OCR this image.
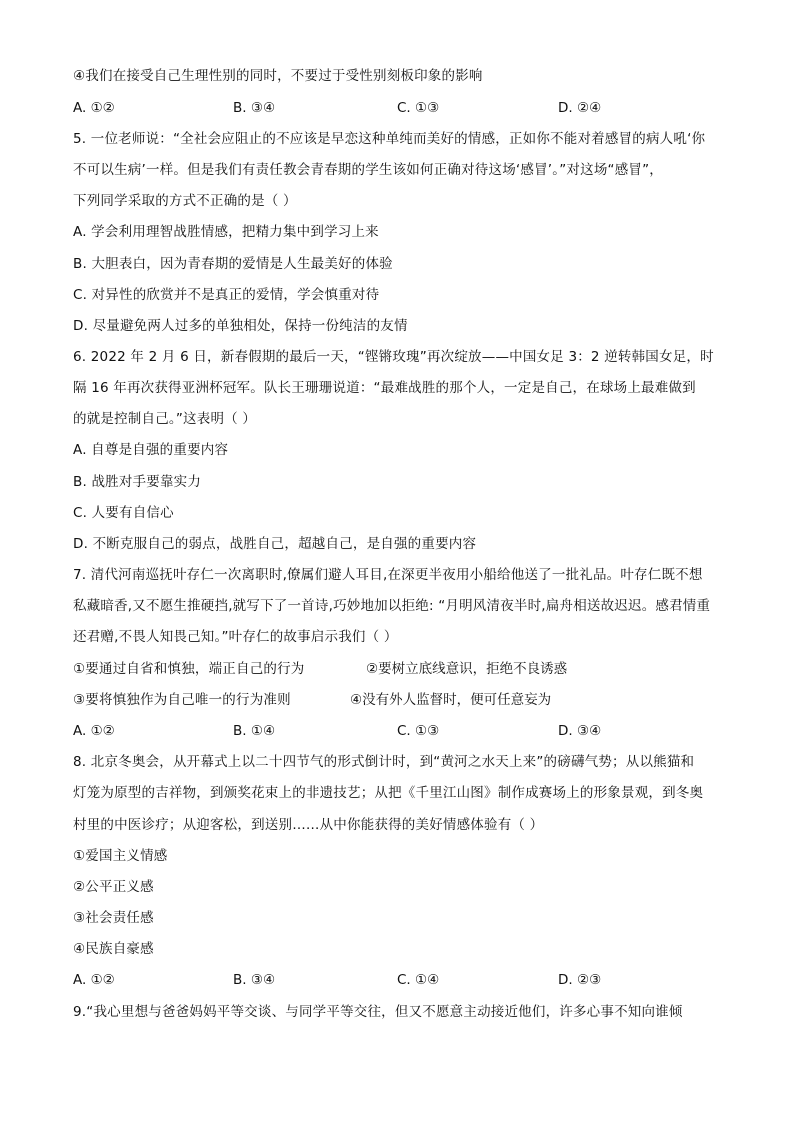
④我们在接受自己生理性别的同时，不要过于受性别刻板印象的影响
A. ①②	B. ③④	C. ①③	D. ②④
5. 一位老师说：“全社会应阻止的不应该是早恋这种单纯而美好的情感，正如你不能对着感冒的病人吼‘你
不可以生病’一样。但是我们有责任教会青春期的学生该如何正确对待这场‘感冒’。”对这场“感冒”，
下列同学采取的方式不正确的是（ ）
A. 学会利用理智战胜情感，把精力集中到学习上来
B. 大胆表白，因为青春期的爱情是人生最美好的体验
C. 对异性的欣赏并不是真正的爱情，学会慎重对待
D. 尽量避免两人过多的单独相处，保持一份纯洁的友情
6. 2022 年 2 月 6 日，新春假期的最后一天，“铿锵玫瑰”再次绽放——中国女足 3：2 逆转韩国女足，时
隔 16 年再次获得亚洲杯冠军。队长王珊珊说道：“最难战胜的那个人，一定是自己，在球场上最难做到
的就是控制自己。”这表明（ ）
A. 自尊是自强的重要内容
B. 战胜对手要靠实力
C. 人要有自信心
D. 不断克服自己的弱点，战胜自己，超越自己，是自强的重要内容
7. 清代河南巡抚叶存仁一次离职时,僚属们避人耳目,在深更半夜用小船给他送了一批礼品。叶存仁既不想
私藏暗香,又不愿生推硬挡,就写下了一首诗,巧妙地加以拒绝: “月明风清夜半时,扁舟相送故迟迟。感君情重
还君赠,不畏人知畏己知。”叶存仁的故事启示我们（ ）
①要通过自省和慎独，端正自己的行为	②要树立底线意识，拒绝不良诱惑
③要将慎独作为自己唯一的行为准则	④没有外人监督时，便可任意妄为
A. ①②	B. ①④	C. ①③	D. ③④
8. 北京冬奥会，从开幕式上以二十四节气的形式倒计时，到“黄河之水天上来”的磅礴气势；从以熊猫和
灯笼为原型的吉祥物，到颁奖花束上的非遗技艺；从把《千里江山图》制作成赛场上的形象景观，到冬奥
村里的中医诊疗；从迎客松，到送别……从中你能获得的美好情感体验有（ ）
①爱国主义情感
②公平正义感
③社会责任感
④民族自豪感
A. ①②	B. ③④	C. ①④	D. ②③
9.“我心里想与爸爸妈妈平等交谈、与同学平等交往，但又不愿意主动接近他们，许多心事不知向谁倾
